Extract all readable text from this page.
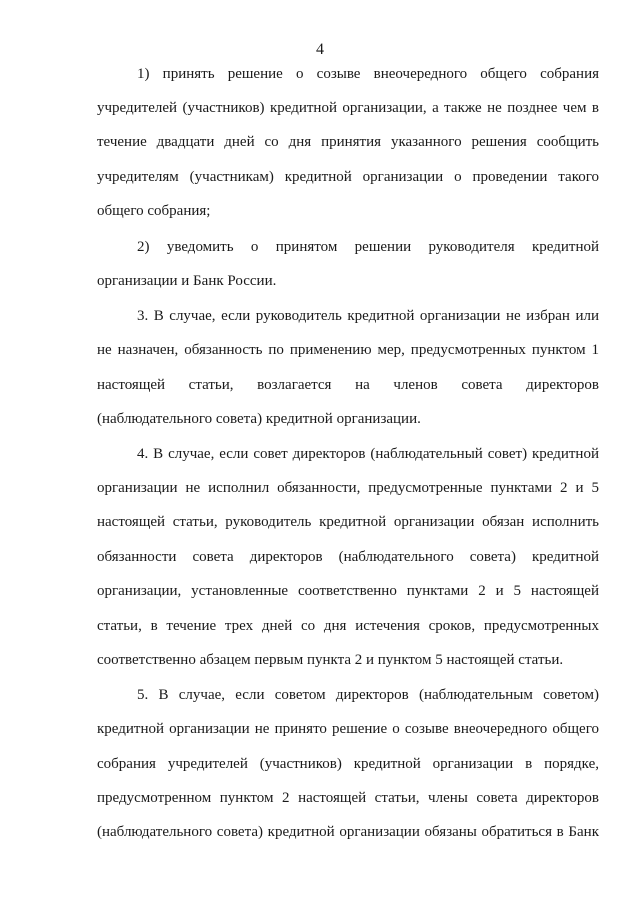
4
1) принять решение о созыве внеочередного общего собрания
учредителей (участников) кредитной организации, а также не позднее чем в
течение двадцати дней со дня принятия указанного решения сообщить
учредителям (участникам) кредитной организации о проведении такого
общего собрания;
2) уведомить о принятом решении руководителя кредитной
организации и Банк России.
3. В случае, если руководитель кредитной организации не избран или
не назначен, обязанность по применению мер, предусмотренных пунктом 1
настоящей статьи, возлагается на членов совета директоров
(наблюдательного совета) кредитной организации.
4. В случае, если совет директоров (наблюдательный совет) кредитной
организации не исполнил обязанности, предусмотренные пунктами 2 и 5
настоящей статьи, руководитель кредитной организации обязан исполнить
обязанности совета директоров (наблюдательного совета) кредитной
организации, установленные соответственно пунктами 2 и 5 настоящей
статьи, в течение трех дней со дня истечения сроков, предусмотренных
соответственно абзацем первым пункта 2 и пунктом 5 настоящей статьи.
5. В случае, если советом директоров (наблюдательным советом)
кредитной организации не принято решение о созыве внеочередного общего
собрания учредителей (участников) кредитной организации в порядке,
предусмотренном пунктом 2 настоящей статьи, члены совета директоров
(наблюдательного совета) кредитной организации обязаны обратиться в Банк
